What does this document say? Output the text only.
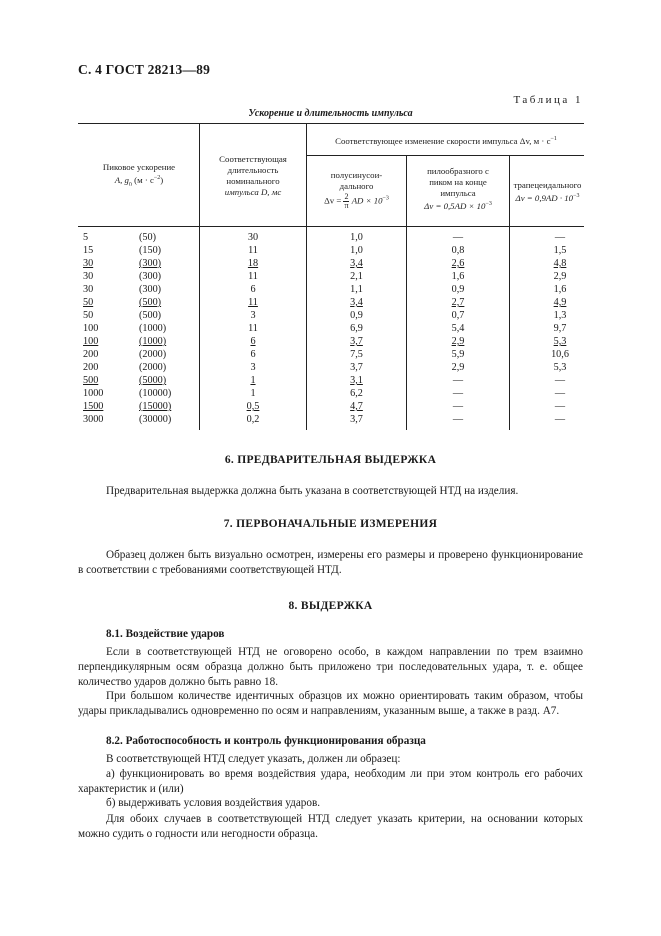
С. 4 ГОСТ 28213—89
Таблица 1
Ускорение и длительность импульса
Пиковое ускорение
A, $g_n$ $(м \cdot с^{-2})$
Соответствующая
длительность
номинального
импульса D, мс
Соответствующее изменение скорости импульса Δv, $м \cdot с^{-1}$
полусинусои-
дального
$\Delta v = \frac{2}{\pi}$ AD × $10^{-3}$
пилообразного с
пиком на конце
импульса
$\Delta v = 0,5AD \times 10^{-3}$
трапецеидального
$\Delta v = 0,9AD \cdot 10^{-3}$
5	(50)	30	1,0	—	—
15	(150)	11	1,0	0,8	1,5
30	(300)	18	3,4	2,6	4,8
30	(300)	11	2,1	1,6	2,9
30	(300)	6	1,1	0,9	1,6
50	(500)	11	3,4	2,7	4,9
50	(500)	3	0,9	0,7	1,3
100	(1000)	11	6,9	5,4	9,7
100	(1000)	6	3,7	2,9	5,3
200	(2000)	6	7,5	5,9	10,6
200	(2000)	3	3,7	2,9	5,3
500	(5000)	1	3,1	—	—
1000	(10000)	1	6,2	—	—
1500	(15000)	0,5	4,7	—	—
3000	(30000)	0,2	3,7	—	—
6. ПРЕДВАРИТЕЛЬНАЯ ВЫДЕРЖКА
Предварительная выдержка должна быть указана в соответствующей НТД на изделия.
7. ПЕРВОНАЧАЛЬНЫЕ ИЗМЕРЕНИЯ
Образец должен быть визуально осмотрен, измерены его размеры и проверено функционирование в соответствии с требованиями соответствующей НТД.
8. ВЫДЕРЖКА
8.1. Воздействие ударов
Если в соответствующей НТД не оговорено особо, в каждом направлении по трем взаимно перпендикулярным осям образца должно быть приложено три последовательных удара, т. е. общее количество ударов должно быть равно 18.
При большом количестве идентичных образцов их можно ориентировать таким образом, чтобы удары прикладывались одновременно по осям и направлениям, указанным выше, а также в разд. А7.
8.2. Работоспособность и контроль функционирования образца
В соответствующей НТД следует указать, должен ли образец:
а) функционировать во время воздействия удара, необходим ли при этом контроль его рабочих характеристик и (или)
б) выдерживать условия воздействия ударов.
Для обоих случаев в соответствующей НТД следует указать критерии, на основании которых можно судить о годности или негодности образца.
